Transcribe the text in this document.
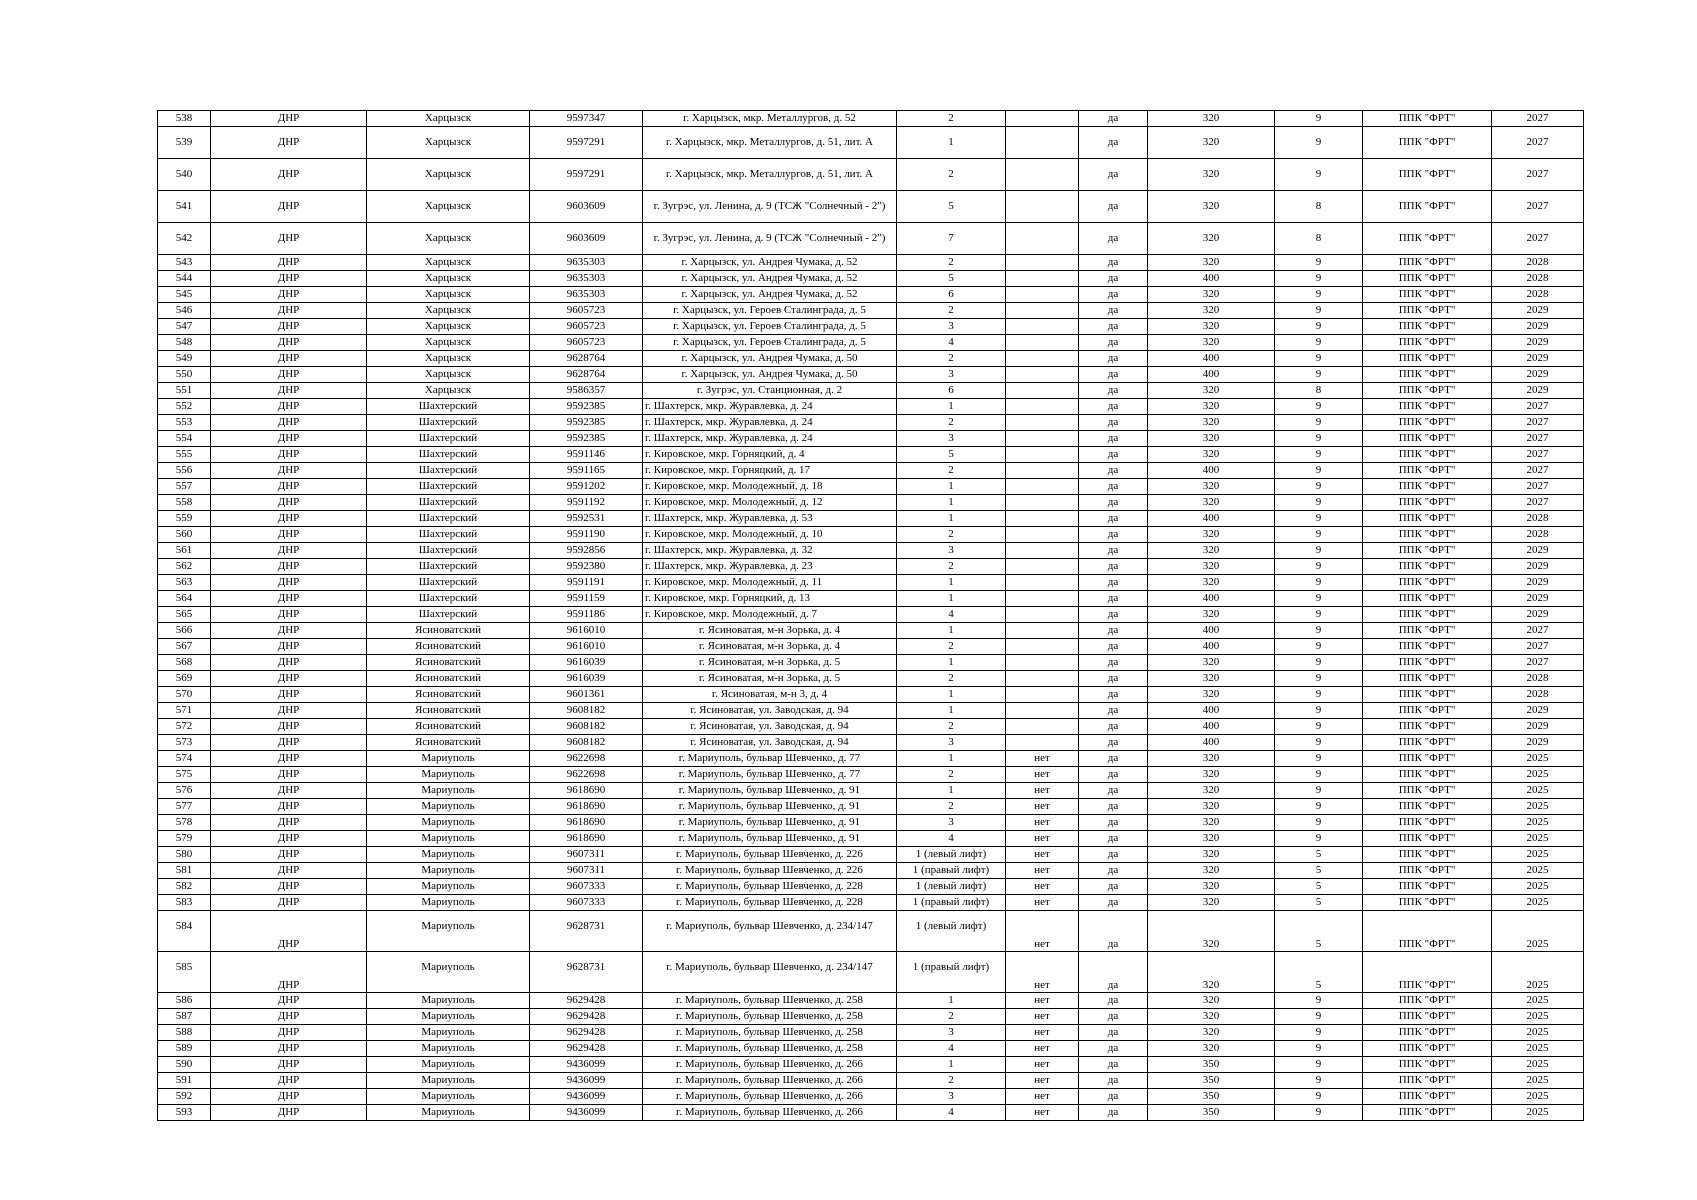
538	ДНР	Харцызск	9597347	г. Харцызск, мкр. Металлургов, д. 52	2		да	320	9	ППК "ФРТ"	2027
539	ДНР	Харцызск	9597291	г. Харцызск, мкр. Металлургов, д. 51, лит. А	1		да	320	9	ППК "ФРТ"	2027
540	ДНР	Харцызск	9597291	г. Харцызск, мкр. Металлургов, д. 51, лит. А	2		да	320	9	ППК "ФРТ"	2027
541	ДНР	Харцызск	9603609	г. Зугрэс, ул. Ленина, д. 9 (ТСЖ "Солнечный - 2")	5		да	320	8	ППК "ФРТ"	2027
542	ДНР	Харцызск	9603609	г. Зугрэс, ул. Ленина, д. 9 (ТСЖ "Солнечный - 2")	7		да	320	8	ППК "ФРТ"	2027
543	ДНР	Харцызск	9635303	г. Харцызск, ул. Андрея Чумака, д. 52	2		да	320	9	ППК "ФРТ"	2028
544	ДНР	Харцызск	9635303	г. Харцызск, ул. Андрея Чумака, д. 52	5		да	400	9	ППК "ФРТ"	2028
545	ДНР	Харцызск	9635303	г. Харцызск, ул. Андрея Чумака, д. 52	6		да	320	9	ППК "ФРТ"	2028
546	ДНР	Харцызск	9605723	г. Харцызск, ул. Героев Сталинграда, д. 5	2		да	320	9	ППК "ФРТ"	2029
547	ДНР	Харцызск	9605723	г. Харцызск, ул. Героев Сталинграда, д. 5	3		да	320	9	ППК "ФРТ"	2029
548	ДНР	Харцызск	9605723	г. Харцызск, ул. Героев Сталинграда, д. 5	4		да	320	9	ППК "ФРТ"	2029
549	ДНР	Харцызск	9628764	г. Харцызск, ул. Андрея Чумака, д. 50	2		да	400	9	ППК "ФРТ"	2029
550	ДНР	Харцызск	9628764	г. Харцызск, ул. Андрея Чумака, д. 50	3		да	400	9	ППК "ФРТ"	2029
551	ДНР	Харцызск	9586357	г. Зугрэс, ул. Станционная, д. 2	6		да	320	8	ППК "ФРТ"	2029
552	ДНР	Шахтерский	9592385	г. Шахтерск, мкр. Журавлевка, д. 24	1		да	320	9	ППК "ФРТ"	2027
553	ДНР	Шахтерский	9592385	г. Шахтерск, мкр. Журавлевка, д. 24	2		да	320	9	ППК "ФРТ"	2027
554	ДНР	Шахтерский	9592385	г. Шахтерск, мкр. Журавлевка, д. 24	3		да	320	9	ППК "ФРТ"	2027
555	ДНР	Шахтерский	9591146	г. Кировское, мкр. Горняцкий, д. 4	5		да	320	9	ППК "ФРТ"	2027
556	ДНР	Шахтерский	9591165	г. Кировское, мкр. Горняцкий, д. 17	2		да	400	9	ППК "ФРТ"	2027
557	ДНР	Шахтерский	9591202	г. Кировское, мкр. Молодежный, д. 18	1		да	320	9	ППК "ФРТ"	2027
558	ДНР	Шахтерский	9591192	г. Кировское, мкр. Молодежный, д. 12	1		да	320	9	ППК "ФРТ"	2027
559	ДНР	Шахтерский	9592531	г. Шахтерск, мкр. Журавлевка, д. 53	1		да	400	9	ППК "ФРТ"	2028
560	ДНР	Шахтерский	9591190	г. Кировское, мкр. Молодежный, д. 10	2		да	320	9	ППК "ФРТ"	2028
561	ДНР	Шахтерский	9592856	г. Шахтерск, мкр. Журавлевка, д. 32	3		да	320	9	ППК "ФРТ"	2029
562	ДНР	Шахтерский	9592380	г. Шахтерск, мкр. Журавлевка, д. 23	2		да	320	9	ППК "ФРТ"	2029
563	ДНР	Шахтерский	9591191	г. Кировское, мкр. Молодежный, д. 11	1		да	320	9	ППК "ФРТ"	2029
564	ДНР	Шахтерский	9591159	г. Кировское, мкр. Горняцкий, д. 13	1		да	400	9	ППК "ФРТ"	2029
565	ДНР	Шахтерский	9591186	г. Кировское, мкр. Молодежный, д. 7	4		да	320	9	ППК "ФРТ"	2029
566	ДНР	Ясиноватский	9616010	г. Ясиноватая, м-н Зорька, д. 4	1		да	400	9	ППК "ФРТ"	2027
567	ДНР	Ясиноватский	9616010	г. Ясиноватая, м-н Зорька, д. 4	2		да	400	9	ППК "ФРТ"	2027
568	ДНР	Ясиноватский	9616039	г. Ясиноватая, м-н Зорька, д. 5	1		да	320	9	ППК "ФРТ"	2027
569	ДНР	Ясиноватский	9616039	г. Ясиноватая, м-н Зорька, д. 5	2		да	320	9	ППК "ФРТ"	2028
570	ДНР	Ясиноватский	9601361	г. Ясиноватая, м-н 3, д. 4	1		да	320	9	ППК "ФРТ"	2028
571	ДНР	Ясиноватский	9608182	г. Ясиноватая, ул. Заводская, д. 94	1		да	400	9	ППК "ФРТ"	2029
572	ДНР	Ясиноватский	9608182	г. Ясиноватая, ул. Заводская, д. 94	2		да	400	9	ППК "ФРТ"	2029
573	ДНР	Ясиноватский	9608182	г. Ясиноватая, ул. Заводская, д. 94	3		да	400	9	ППК "ФРТ"	2029
574	ДНР	Мариуполь	9622698	г. Мариуполь, бульвар Шевченко, д. 77	1	нет	да	320	9	ППК "ФРТ"	2025
575	ДНР	Мариуполь	9622698	г. Мариуполь, бульвар Шевченко, д. 77	2	нет	да	320	9	ППК "ФРТ"	2025
576	ДНР	Мариуполь	9618690	г. Мариуполь, бульвар Шевченко, д. 91	1	нет	да	320	9	ППК "ФРТ"	2025
577	ДНР	Мариуполь	9618690	г. Мариуполь, бульвар Шевченко, д. 91	2	нет	да	320	9	ППК "ФРТ"	2025
578	ДНР	Мариуполь	9618690	г. Мариуполь, бульвар Шевченко, д. 91	3	нет	да	320	9	ППК "ФРТ"	2025
579	ДНР	Мариуполь	9618690	г. Мариуполь, бульвар Шевченко, д. 91	4	нет	да	320	9	ППК "ФРТ"	2025
580	ДНР	Мариуполь	9607311	г. Мариуполь, бульвар Шевченко, д. 226	1 (левый лифт)	нет	да	320	5	ППК "ФРТ"	2025
581	ДНР	Мариуполь	9607311	г. Мариуполь, бульвар Шевченко, д. 226	1 (правый лифт)	нет	да	320	5	ППК "ФРТ"	2025
582	ДНР	Мариуполь	9607333	г. Мариуполь, бульвар Шевченко, д. 228	1 (левый лифт)	нет	да	320	5	ППК "ФРТ"	2025
583	ДНР	Мариуполь	9607333	г. Мариуполь, бульвар Шевченко, д. 228	1 (правый лифт)	нет	да	320	5	ППК "ФРТ"	2025
584	ДНР	Мариуполь	9628731	г. Мариуполь, бульвар Шевченко, д. 234/147	1 (левый лифт)	нет	да	320	5	ППК "ФРТ"	2025
585	ДНР	Мариуполь	9628731	г. Мариуполь, бульвар Шевченко, д. 234/147	1 (правый лифт)	нет	да	320	5	ППК "ФРТ"	2025
586	ДНР	Мариуполь	9629428	г. Мариуполь, бульвар Шевченко, д. 258	1	нет	да	320	9	ППК "ФРТ"	2025
587	ДНР	Мариуполь	9629428	г. Мариуполь, бульвар Шевченко, д. 258	2	нет	да	320	9	ППК "ФРТ"	2025
588	ДНР	Мариуполь	9629428	г. Мариуполь, бульвар Шевченко, д. 258	3	нет	да	320	9	ППК "ФРТ"	2025
589	ДНР	Мариуполь	9629428	г. Мариуполь, бульвар Шевченко, д. 258	4	нет	да	320	9	ППК "ФРТ"	2025
590	ДНР	Мариуполь	9436099	г. Мариуполь, бульвар Шевченко, д. 266	1	нет	да	350	9	ППК "ФРТ"	2025
591	ДНР	Мариуполь	9436099	г. Мариуполь, бульвар Шевченко, д. 266	2	нет	да	350	9	ППК "ФРТ"	2025
592	ДНР	Мариуполь	9436099	г. Мариуполь, бульвар Шевченко, д. 266	3	нет	да	350	9	ППК "ФРТ"	2025
593	ДНР	Мариуполь	9436099	г. Мариуполь, бульвар Шевченко, д. 266	4	нет	да	350	9	ППК "ФРТ"	2025
